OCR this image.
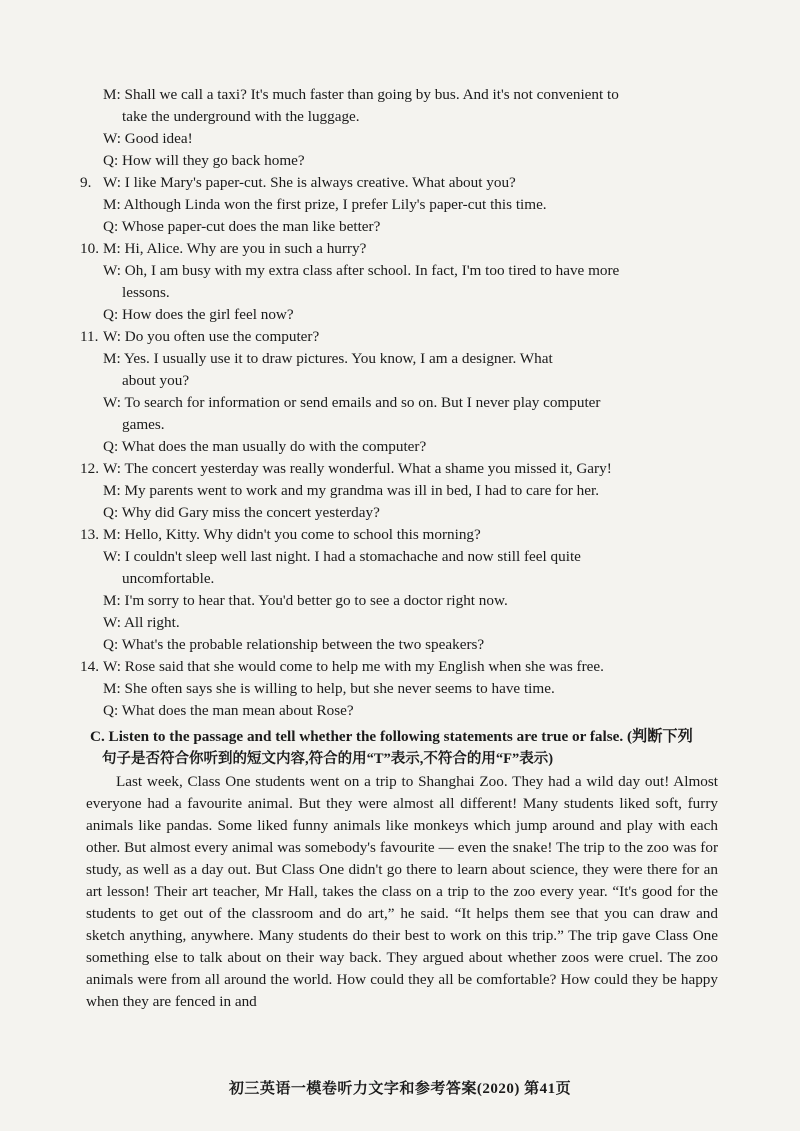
M: Shall we call a taxi? It's much faster than going by bus. And it's not convenient to
take the underground with the luggage.
W: Good idea!
Q: How will they go back home?
9. W: I like Mary's paper-cut. She is always creative. What about you?
M: Although Linda won the first prize, I prefer Lily's paper-cut this time.
Q: Whose paper-cut does the man like better?
10. M: Hi, Alice. Why are you in such a hurry?
W: Oh, I am busy with my extra class after school. In fact, I'm too tired to have more
lessons.
Q: How does the girl feel now?
11. W: Do you often use the computer?
M: Yes. I usually use it to draw pictures. You know, I am a designer. What
about you?
W: To search for information or send emails and so on. But I never play computer
games.
Q: What does the man usually do with the computer?
12. W: The concert yesterday was really wonderful. What a shame you missed it, Gary!
M: My parents went to work and my grandma was ill in bed, I had to care for her.
Q: Why did Gary miss the concert yesterday?
13. M: Hello, Kitty. Why didn't you come to school this morning?
W: I couldn't sleep well last night. I had a stomachache and now still feel quite
uncomfortable.
M: I'm sorry to hear that. You'd better go to see a doctor right now.
W: All right.
Q: What's the probable relationship between the two speakers?
14. W: Rose said that she would come to help me with my English when she was free.
M: She often says she is willing to help, but she never seems to have time.
Q: What does the man mean about Rose?
C. Listen to the passage and tell whether the following statements are true or false. (判断下列
句子是否符合你听到的短文内容,符合的用“T”表示,不符合的用“F”表示)
Last week, Class One students went on a trip to Shanghai Zoo. They had a wild day out! Almost everyone had a favourite animal. But they were almost all different! Many students liked soft, furry animals like pandas. Some liked funny animals like monkeys which jump around and play with each other. But almost every animal was somebody's favourite — even the snake! The trip to the zoo was for study, as well as a day out. But Class One didn't go there to learn about science, they were there for an art lesson! Their art teacher, Mr Hall, takes the class on a trip to the zoo every year. “It's good for the students to get out of the classroom and do art,” he said. “It helps them see that you can draw and sketch anything, anywhere. Many students do their best to work on this trip.” The trip gave Class One something else to talk about on their way back. They argued about whether zoos were cruel. The zoo animals were from all around the world. How could they all be comfortable? How could they be happy when they are fenced in and
初三英语一模卷听力文字和参考答案(2020) 第41页
